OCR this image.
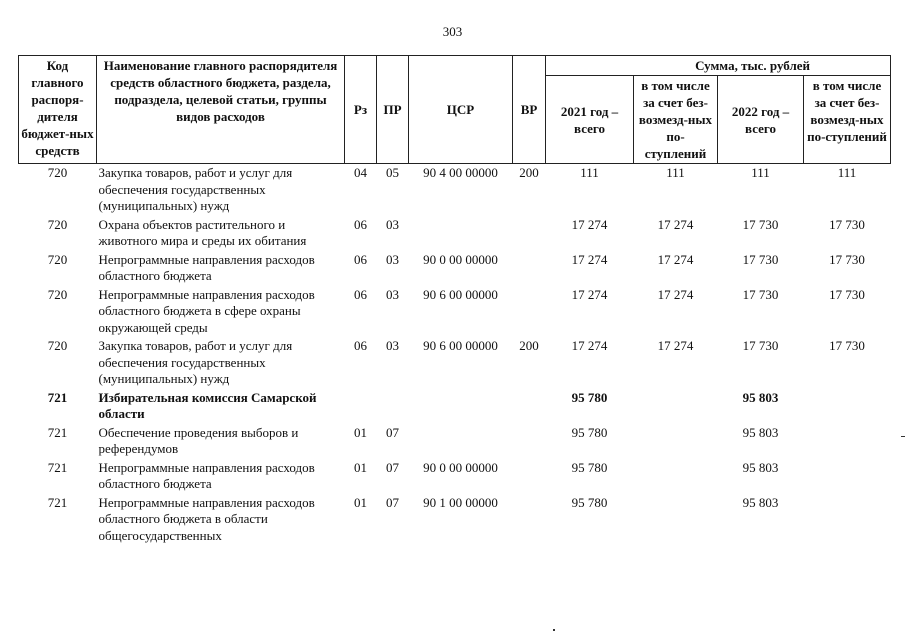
303
Код главного распоря-дителя бюджет-ных средств	Наименование главного распорядителя средств областного бюджета, раздела, подраздела, целевой статьи, группы видов расходов	Рз	ПР	ЦСР	ВР	Сумма, тыс. рублей			
						2021 год – всего	в том числе за счет без-возмезд-ных по-ступлений	2022 год – всего	в том числе за счет без-возмезд-ных по-ступлений
720	Закупка товаров, работ и услуг для обеспечения государственных (муниципальных) нужд	04	05	90 4 00 00000	200	111	111	111	111
720	Охрана объектов растительного и животного мира и среды их обитания	06	03			17 274	17 274	17 730	17 730
720	Непрограммные направления расходов областного бюджета	06	03	90 0 00 00000		17 274	17 274	17 730	17 730
720	Непрограммные направления расходов областного бюджета в сфере охраны окружающей среды	06	03	90 6 00 00000		17 274	17 274	17 730	17 730
720	Закупка товаров, работ и услуг для обеспечения государственных (муниципальных) нужд	06	03	90 6 00 00000	200	17 274	17 274	17 730	17 730
721	Избирательная комиссия Самарской области					95 780		95 803	
721	Обеспечение проведения выборов и референдумов	01	07			95 780		95 803	
721	Непрограммные направления расходов областного бюджета	01	07	90 0 00 00000		95 780		95 803	
721	Непрограммные направления расходов областного бюджета в области общегосударственных	01	07	90 1 00 00000		95 780		95 803	
